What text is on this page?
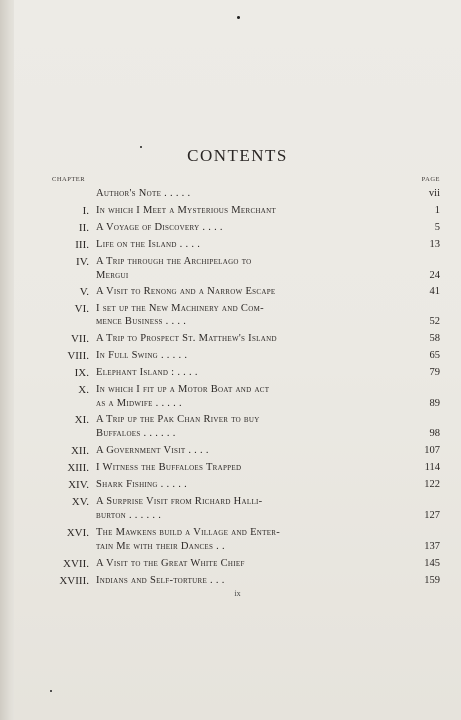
CONTENTS
CHAPTER	PAGE
Author's Note . . . . .	vii
I. In which I Meet a Mysterious Merchant	1
II. A Voyage of Discovery . . . .	5
III. Life on the Island . . . .	13
IV. A Trip through the Archipelago to
Mergui	24
V. A Visit to Renong and a Narrow Escape	41
VI. I set up the New Machinery and Com-
mence Business . . . .	52
VII. A Trip to Prospect St. Matthew's Island	58
VIII. In Full Swing . . . . .	65
IX. Elephant Island : . . . .	79
X. In which I fit up a Motor Boat and act
as a Midwife . . . . .	89
XI. A Trip up the Pak Chan River to buy
Buffaloes . . . . . .	98
XII. A Government Visit . . . .	107
XIII. I Witness the Buffaloes Trapped	114
XIV. Shark Fishing . . . . .	122
XV. A Surprise Visit from Richard Halli-
burton . . . . . .	127
XVI. The Mawkens build a Village and Enter-
tain Me with their Dances . .	137
XVII. A Visit to the Great White Chief	145
XVIII. Indians and Self-torture . . .	159
ix
